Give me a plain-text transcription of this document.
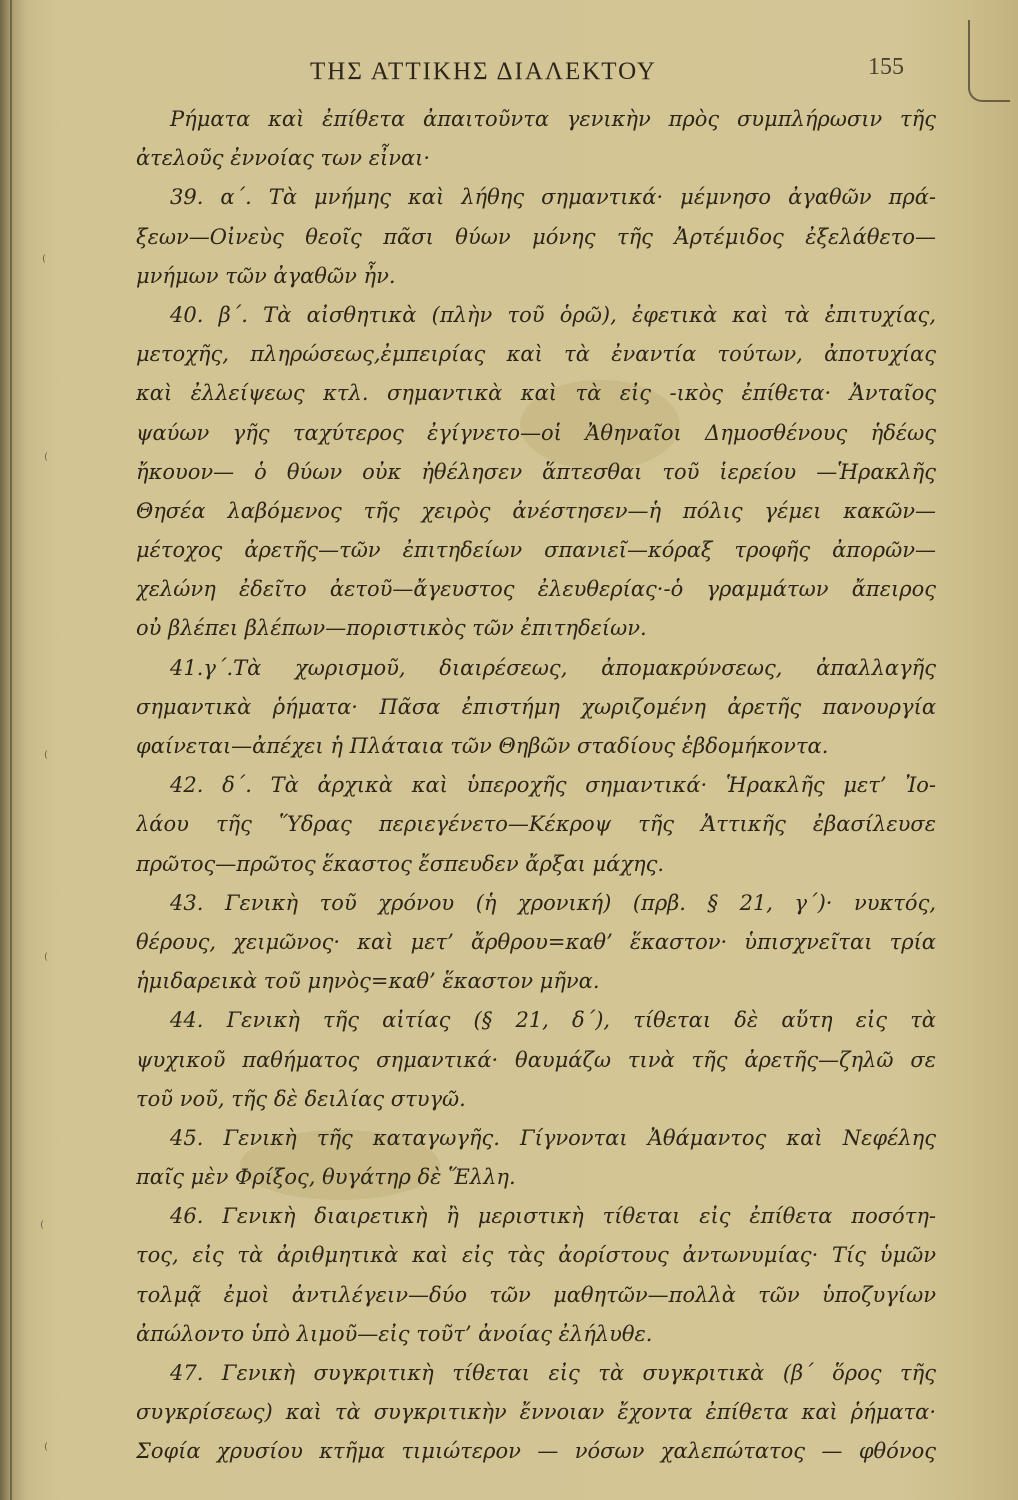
ΤΗΣ ΑΤΤΙΚΗΣ ΔΙΑΛΕΚΤΟΥ	155
⁽
⁽
⁽
⁽
⁽
⁽
Ρήματα καὶ ἐπίθετα ἀπαιτοῦντα γενικὴν πρὸς συμπλήρωσιν τῆς
ἀτελοῦς ἐννοίας των εἶναι·
39. α΄. Τὰ μνήμης καὶ λήθης σημαντικά· μέμνησο ἀγαθῶν πρά-
ξεων—Οἰνεὺς θεοῖς πᾶσι θύων μόνης τῆς Ἀρτέμιδος ἐξελάθετο—
μνήμων τῶν ἀγαθῶν ἦν.
40. β΄. Τὰ αἰσθητικὰ (πλὴν τοῦ ὁρῶ), ἐφετικὰ καὶ τὰ ἐπιτυχίας,
μετοχῆς, πληρώσεως,ἐμπειρίας καὶ τὰ ἐναντία τούτων, ἀποτυχίας
καὶ ἐλλείψεως κτλ. σημαντικὰ καὶ τὰ εἰς -ικὸς ἐπίθετα· Ἀνταῖος
ψαύων γῆς ταχύτερος ἐγίγνετο—οἱ Ἀθηναῖοι Δημοσθένους ἡδέως
ἤκουον— ὁ θύων οὐκ ἠθέλησεν ἅπτεσθαι τοῦ ἱερείου —Ἡρακλῆς
Θησέα λαβόμενος τῆς χειρὸς ἀνέστησεν—ἡ πόλις γέμει κακῶν—
μέτοχος ἀρετῆς—τῶν ἐπιτηδείων σπανιεῖ—κόραξ τροφῆς ἀπορῶν—
χελώνη ἐδεῖτο ἀετοῦ—ἄγευστος ἐλευθερίας·-ὁ γραμμάτων ἄπειρος
οὐ βλέπει βλέπων—ποριστικὸς τῶν ἐπιτηδείων.
41.γ΄.Τὰ χωρισμοῦ, διαιρέσεως, ἀπομακρύνσεως, ἀπαλλαγῆς
σημαντικὰ ῥήματα· Πᾶσα ἐπιστήμη χωριζομένη ἀρετῆς πανουργία
φαίνεται—ἀπέχει ἡ Πλάταια τῶν Θηβῶν σταδίους ἑβδομήκοντα.
42. δ΄. Τὰ ἀρχικὰ καὶ ὑπεροχῆς σημαντικά· Ἡρακλῆς μετ’ Ἰο-
λάου τῆς Ὕδρας περιεγένετο—Κέκροψ τῆς Ἀττικῆς ἐβασίλευσε
πρῶτος—πρῶτος ἕκαστος ἔσπευδεν ἄρξαι μάχης.
43. Γενικὴ τοῦ χρόνου (ἡ χρονική) (πρβ. § 21, γ΄)· νυκτός,
θέρους, χειμῶνος· καὶ μετ’ ἄρθρου=καθ’ ἕκαστον· ὑπισχνεῖται τρία
ἡμιδαρεικὰ τοῦ μηνὸς=καθ’ ἕκαστον μῆνα.
44. Γενικὴ τῆς αἰτίας (§ 21, δ΄), τίθεται δὲ αὕτη εἰς τὰ
ψυχικοῦ παθήματος σημαντικά· θαυμάζω τινὰ τῆς ἀρετῆς—ζηλῶ σε
τοῦ νοῦ, τῆς δὲ δειλίας στυγῶ.
45. Γενικὴ τῆς καταγωγῆς. Γίγνονται Ἀθάμαντος καὶ Νεφέλης
παῖς μὲν Φρίξος, θυγάτηρ δὲ Ἕλλη.
46. Γενικὴ διαιρετικὴ ἢ μεριστικὴ τίθεται εἰς ἐπίθετα ποσότη-
τος, εἰς τὰ ἀριθμητικὰ καὶ εἰς τὰς ἀορίστους ἀντωνυμίας· Τίς ὑμῶν
τολμᾷ ἐμοὶ ἀντιλέγειν—δύο τῶν μαθητῶν—πολλὰ τῶν ὑποζυγίων
ἀπώλοντο ὑπὸ λιμοῦ—εἰς τοῦτ’ ἀνοίας ἐλήλυθε.
47. Γενικὴ συγκριτικὴ τίθεται εἰς τὰ συγκριτικὰ (β΄ ὅρος τῆς
συγκρίσεως) καὶ τὰ συγκριτικὴν ἔννοιαν ἔχοντα ἐπίθετα καὶ ῥήματα·
Σοφία χρυσίου κτῆμα τιμιώτερον — νόσων χαλεπώτατος — φθόνος
